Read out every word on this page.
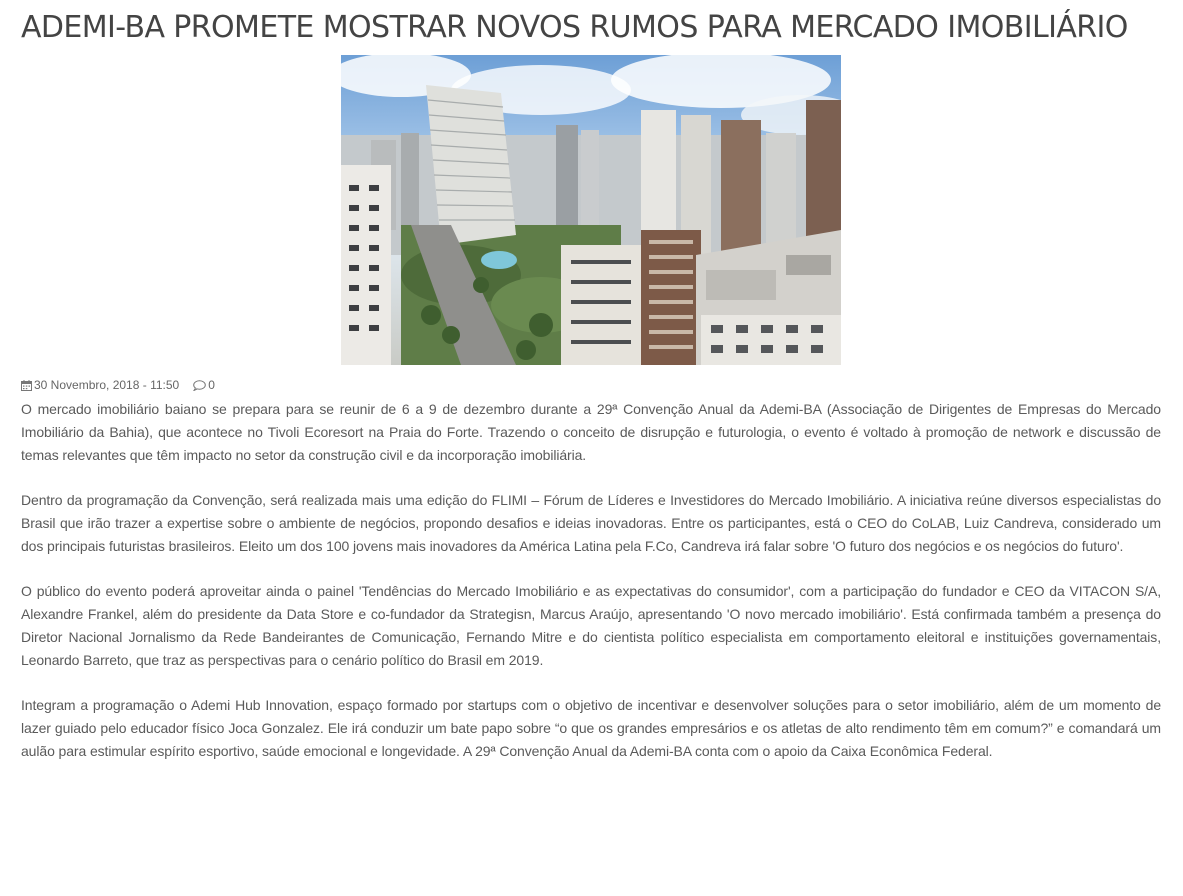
ADEMI-BA PROMETE MOSTRAR NOVOS RUMOS PARA MERCADO IMOBILIÁRIO
30 Novembro, 2018 - 11:50 0

O mercado imobiliário baiano se prepara para se reunir de 6 a 9 de dezembro durante a 29ª Convenção Anual da Ademi-BA (Associação de Dirigentes de Empresas do Mercado Imobiliário da Bahia), que acontece no Tivoli Ecoresort na Praia do Forte. Trazendo o conceito de disrupção e futurologia, o evento é voltado à promoção de network e discussão de temas relevantes que têm impacto no setor da construção civil e da incorporação imobiliária.

Dentro da programação da Convenção, será realizada mais uma edição do FLIMI – Fórum de Líderes e Investidores do Mercado Imobiliário. A iniciativa reúne diversos especialistas do Brasil que irão trazer a expertise sobre o ambiente de negócios, propondo desafios e ideias inovadoras. Entre os participantes, está o CEO do CoLAB, Luiz Candreva, considerado um dos principais futuristas brasileiros. Eleito um dos 100 jovens mais inovadores da América Latina pela F.Co, Candreva irá falar sobre 'O futuro dos negócios e os negócios do futuro'.

O público do evento poderá aproveitar ainda o painel 'Tendências do Mercado Imobiliário e as expectativas do consumidor', com a participação do fundador e CEO da VITACON S/A, Alexandre Frankel, além do presidente da Data Store e co-fundador da Strategisn, Marcus Araújo, apresentando 'O novo mercado imobiliário'. Está confirmada também a presença do Diretor Nacional Jornalismo da Rede Bandeirantes de Comunicação, Fernando Mitre e do cientista político especialista em comportamento eleitoral e instituições governamentais, Leonardo Barreto, que traz as perspectivas para o cenário político do Brasil em 2019.

Integram a programação o Ademi Hub Innovation, espaço formado por startups com o objetivo de incentivar e desenvolver soluções para o setor imobiliário, além de um momento de lazer guiado pelo educador físico Joca Gonzalez. Ele irá conduzir um bate papo sobre “o que os grandes empresários e os atletas de alto rendimento têm em comum?” e comandará um aulão para estimular espírito esportivo, saúde emocional e longevidade. A 29ª Convenção Anual da Ademi-BA conta com o apoio da Caixa Econômica Federal.
